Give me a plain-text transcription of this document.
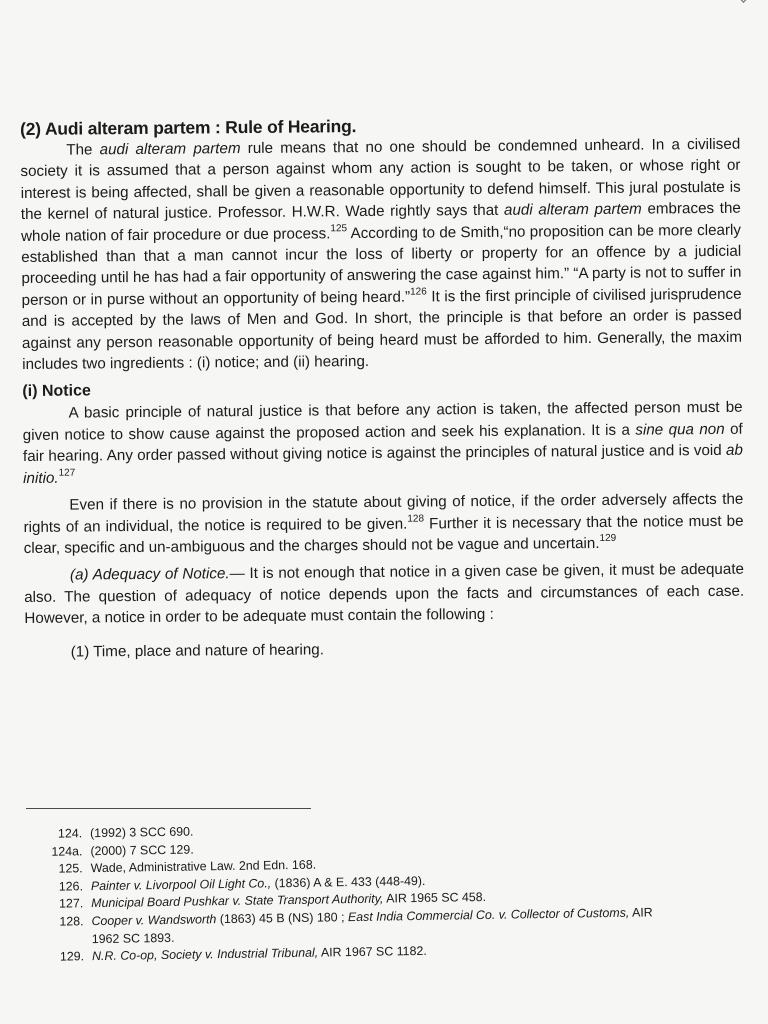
(2) Audi alteram partem : Rule of Hearing.

The audi alteram partem rule means that no one should be condemned unheard. In a civilised society it is assumed that a person against whom any action is sought to be taken, or whose right or interest is being affected, shall be given a reasonable opportunity to defend himself. This jural postulate is the kernel of natural justice. Professor. H.W.R. Wade rightly says that audi alteram partem embraces the whole nation of fair procedure or due process.$^{125}$ According to de Smith,“no proposition can be more clearly established than that a man cannot incur the loss of liberty or property for an offence by a judicial proceeding until he has had a fair opportunity of answering the case against him.” “A party is not to suffer in person or in purse without an opportunity of being heard.”$^{126}$ It is the first principle of civilised jurisprudence and is accepted by the laws of Men and God. In short, the principle is that before an order is passed against any person reasonable opportunity of being heard must be afforded to him. Generally, the maxim includes two ingredients : (i) notice; and (ii) hearing.

(i) Notice

A basic principle of natural justice is that before any action is taken, the affected person must be given notice to show cause against the proposed action and seek his explanation. It is a sine qua non of fair hearing. Any order passed without giving notice is against the principles of natural justice and is void ab initio.$^{127}$

Even if there is no provision in the statute about giving of notice, if the order adversely affects the rights of an individual, the notice is required to be given.$^{128}$ Further it is necessary that the notice must be clear, specific and un-ambiguous and the charges should not be vague and uncertain.$^{129}$

(a) Adequacy of Notice.— It is not enough that notice in a given case be given, it must be adequate also. The question of adequacy of notice depends upon the facts and circumstances of each case. However, a notice in order to be adequate must contain the following :

(1) Time, place and nature of hearing.

124. (1992) 3 SCC 690.
124a. (2000) 7 SCC 129.
125. Wade, Administrative Law. 2nd Edn. 168.
126. Painter v. Livorpool Oil Light Co., (1836) A & E. 433 (448-49).
127. Municipal Board Pushkar v. State Transport Authority, AIR 1965 SC 458.
128. Cooper v. Wandsworth (1863) 45 B (NS) 180 ; East India Commercial Co. v. Collector of Customs, AIR
1962 SC 1893.
129. N.R. Co-op, Society v. Industrial Tribunal, AIR 1967 SC 1182.
